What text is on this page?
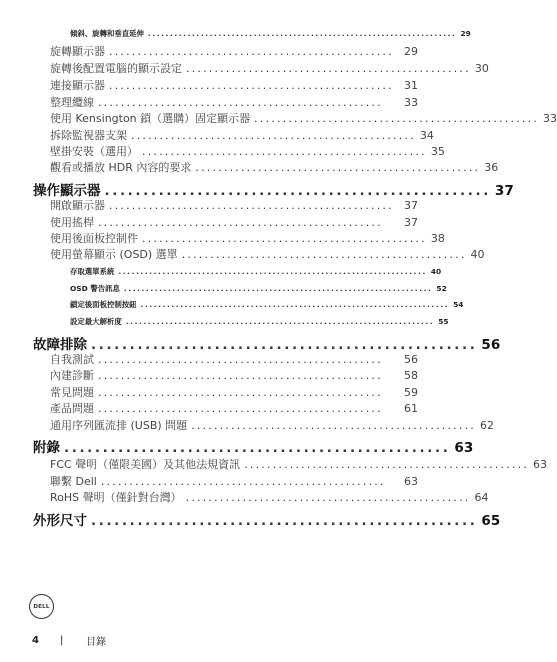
傾斜、旋轉和垂直延伸 ...................................................................... 29
旋轉顯示器 .................................................. 29
旋轉後配置電腦的顯示設定 .................................................. 30
連接顯示器 .................................................. 31
整理纜線 ..................................................	33
使用 Kensington 鎖（選購）固定顯示器 .................................................. 33
拆除監視器支架 .................................................. 34
壁掛安裝（選用） .................................................. 35
觀看或播放 HDR 內容的要求 .................................................. 36
操作顯示器 .................................................. 37
開啟顯示器 .................................................. 37
使用搖桿 ..................................................	37
使用後面板控制件 .................................................. 38
使用螢幕顯示 (OSD) 選單 .................................................. 40
存取選單系統 ...................................................................... 40
OSD 警告訊息 ...................................................................... 52
鎖定後面板控制按鈕 ...................................................................... 54
設定最大解析度 ...................................................................... 55
故障排除 .................................................. 56
自我測試 ..................................................	56
內建診斷 ..................................................	58
常見問題 ..................................................	59
產品問題 ..................................................	61
通用序列匯流排 (USB) 問題 .................................................. 62
附錄 .................................................. 63
FCC 聲明（僅限美國）及其他法規資訊 .................................................. 63
聯繫 Dell ..................................................	63
RoHS 聲明（僅針對台灣） .................................................. 64
外形尺寸 .................................................. 65
DELL
4	|	目錄
